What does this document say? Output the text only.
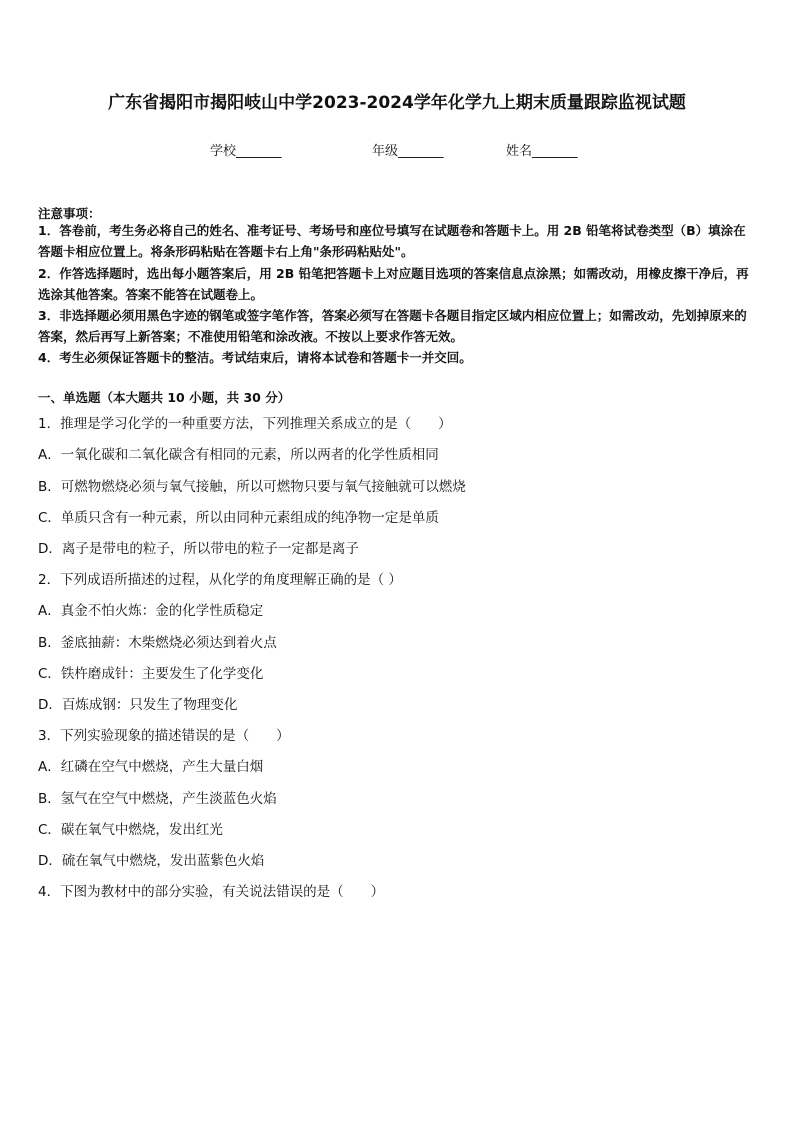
广东省揭阳市揭阳岐山中学2023-2024学年化学九上期末质量跟踪监视试题
学校_______	年级_______	姓名_______
注意事项：
1．答卷前，考生务必将自己的姓名、准考证号、考场号和座位号填写在试题卷和答题卡上。用 2B 铅笔将试卷类型（B）填涂在答题卡相应位置上。将条形码粘贴在答题卡右上角"条形码粘贴处"。
2．作答选择题时，选出每小题答案后，用 2B 铅笔把答题卡上对应题目选项的答案信息点涂黑；如需改动，用橡皮擦干净后，再选涂其他答案。答案不能答在试题卷上。
3．非选择题必须用黑色字迹的钢笔或签字笔作答，答案必须写在答题卡各题目指定区域内相应位置上；如需改动，先划掉原来的答案，然后再写上新答案；不准使用铅笔和涂改液。不按以上要求作答无效。
4．考生必须保证答题卡的整洁。考试结束后，请将本试卷和答题卡一并交回。
一、单选题（本大题共 10 小题，共 30 分）
1．推理是学习化学的一种重要方法，下列推理关系成立的是（　　）
A．一氧化碳和二氧化碳含有相同的元素，所以两者的化学性质相同
B．可燃物燃烧必须与氧气接触，所以可燃物只要与氧气接触就可以燃烧
C．单质只含有一种元素，所以由同种元素组成的纯净物一定是单质
D．离子是带电的粒子，所以带电的粒子一定都是离子
2．下列成语所描述的过程，从化学的角度理解正确的是（ ）
A．真金不怕火炼：金的化学性质稳定
B．釜底抽薪：木柴燃烧必须达到着火点
C．铁杵磨成针：主要发生了化学变化
D．百炼成钢：只发生了物理变化
3．下列实验现象的描述错误的是（　　）
A．红磷在空气中燃烧，产生大量白烟
B．氢气在空气中燃烧，产生淡蓝色火焰
C．碳在氧气中燃烧，发出红光
D．硫在氧气中燃烧，发出蓝紫色火焰
4．下图为教材中的部分实验，有关说法错误的是（　　）
